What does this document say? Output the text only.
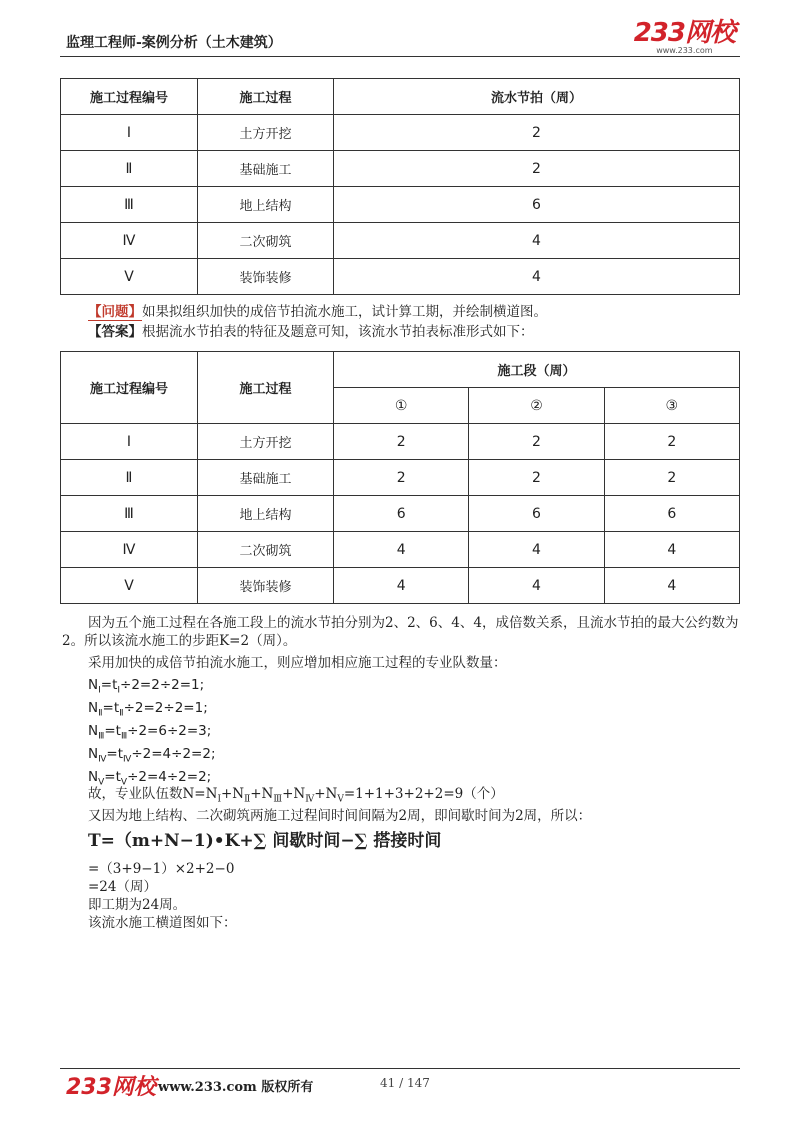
监理工程师-案例分析（土木建筑）	233网校
www.233.com
施工过程编号	施工过程	流水节拍（周）
Ⅰ	土方开挖	2
Ⅱ	基础施工	2
Ⅲ	地上结构	6
Ⅳ	二次砌筑	4
Ⅴ	装饰装修	4
【问题】如果拟组织加快的成倍节拍流水施工，试计算工期，并绘制横道图。
【答案】根据流水节拍表的特征及题意可知，该流水节拍表标准形式如下：
施工过程编号	施工过程	施工段（周）		
		①	②	③
Ⅰ	土方开挖	2	2	2
Ⅱ	基础施工	2	2	2
Ⅲ	地上结构	6	6	6
Ⅳ	二次砌筑	4	4	4
Ⅴ	装饰装修	4	4	4
因为五个施工过程在各施工段上的流水节拍分别为2、2、6、4、4，成倍数关系，且流水节拍的最大公约数为2。所以该流水施工的步距K=2（周）。
采用加快的成倍节拍流水施工，则应增加相应施工过程的专业队数量：
$N_Ⅰ=t_Ⅰ\div 2=2\div 2=1$;
$N_Ⅱ=t_Ⅱ\div 2=2\div 2=1$;
$N_Ⅲ=t_Ⅲ\div 2=6\div 2=3$;
$N_Ⅳ=t_Ⅳ\div 2=4\div 2=2$;
$N_Ⅴ=t_Ⅴ\div 2=4\div 2=2$;
故，专业队伍数$N=N_Ⅰ+N_Ⅱ+N_Ⅲ+N_Ⅳ+N_Ⅴ=1+1+3+2+2=9$（个）
又因为地上结构、二次砌筑两施工过程间时间间隔为2周，即间歇时间为2周，所以：
T=（m+N−1)•K+∑ 间歇时间−∑ 搭接时间
=（3+9−1）×2+2−0
=24（周）
即工期为24周。
该流水施工横道图如下：
233网校 www.233.com 版权所有	41 / 147
